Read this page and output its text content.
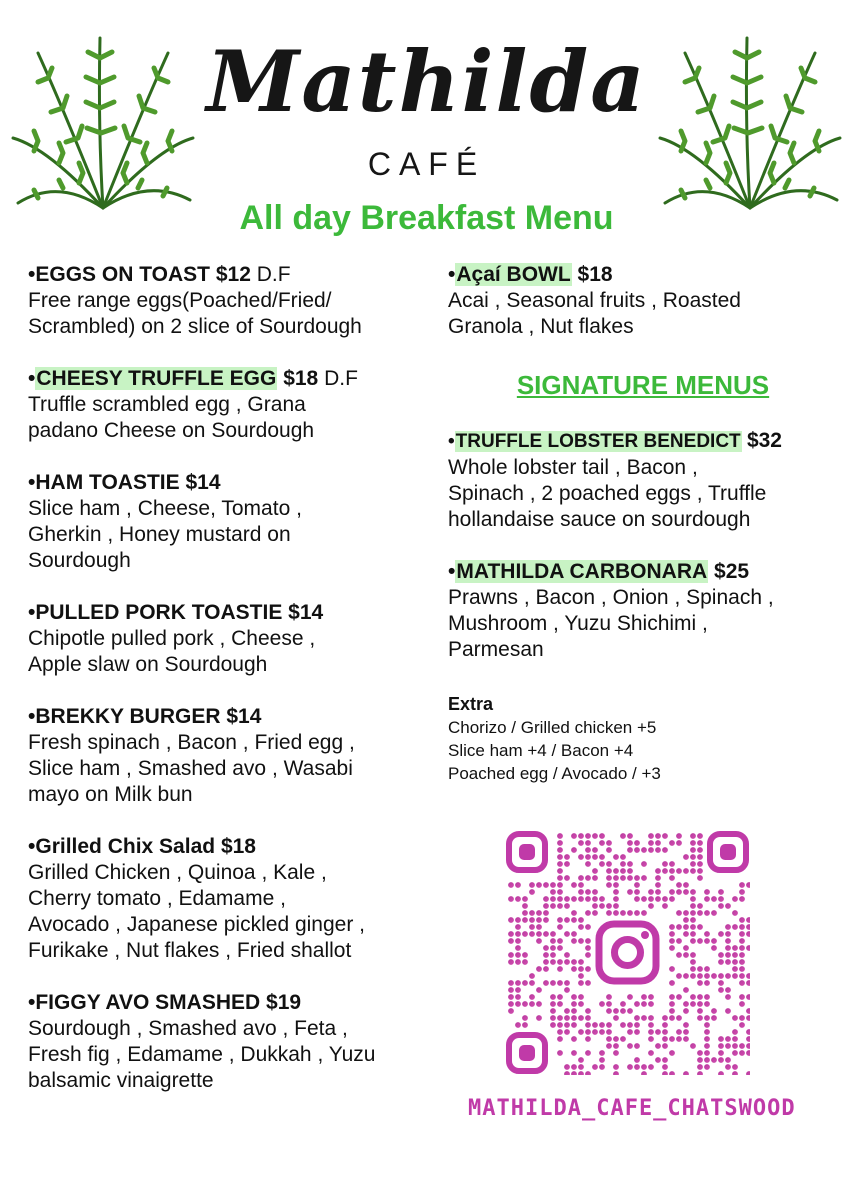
Mathilda
CAFÉ
All day Breakfast Menu
•EGGS ON TOAST $12 D.F
Free range eggs(Poached/Fried/
Scrambled) on 2 slice of Sourdough
•CHEESY TRUFFLE EGG $18 D.F
Truffle scrambled egg , Grana
padano Cheese on Sourdough
•HAM TOASTIE $14
Slice ham , Cheese, Tomato ,
Gherkin , Honey mustard on
Sourdough
•PULLED PORK TOASTIE $14
Chipotle pulled pork , Cheese ,
Apple slaw on Sourdough
•BREKKY BURGER $14
Fresh spinach , Bacon , Fried egg ,
Slice ham , Smashed avo , Wasabi
mayo on Milk bun
•Grilled Chix Salad $18
Grilled Chicken , Quinoa , Kale ,
Cherry tomato , Edamame ,
Avocado , Japanese pickled ginger ,
Furikake , Nut flakes , Fried shallot
•FIGGY AVO SMASHED $19
Sourdough , Smashed avo , Feta ,
Fresh fig , Edamame , Dukkah , Yuzu
balsamic vinaigrette
•Açaí BOWL $18
Acai , Seasonal fruits , Roasted
Granola , Nut flakes
SIGNATURE MENUS
•TRUFFLE LOBSTER BENEDICT $32
Whole lobster tail , Bacon ,
Spinach , 2 poached eggs , Truffle
hollandaise sauce on sourdough
•MATHILDA CARBONARA $25
Prawns , Bacon , Onion , Spinach ,
Mushroom , Yuzu Shichimi ,
Parmesan
Extra
Chorizo / Grilled chicken +5
Slice ham +4 / Bacon +4
Poached egg / Avocado / +3
MATHILDA_CAFE_CHATSWOOD
